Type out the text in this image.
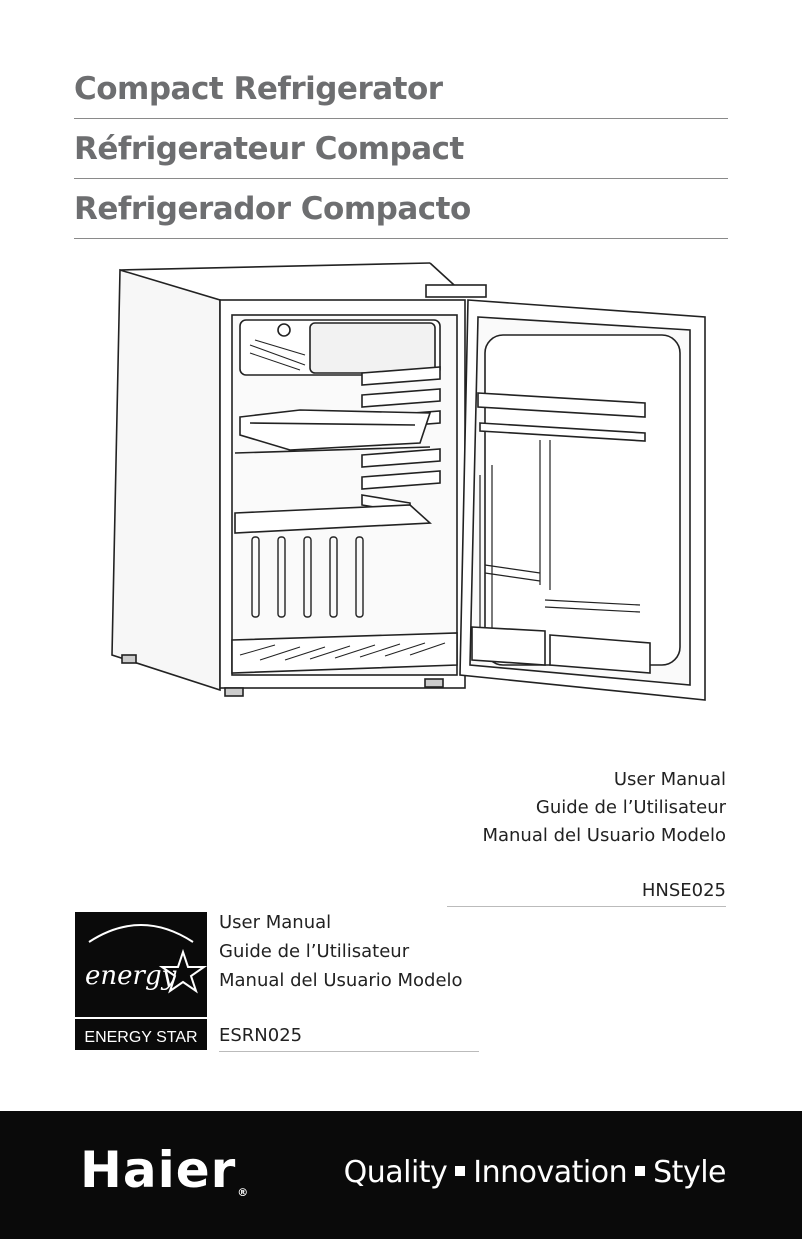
Compact Refrigerator
Réfrigerateur Compact
Refrigerador Compacto
User Manual
Guide de l’Utilisateur
Manual del Usuario Modelo
HNSE025
energy
ENERGY STAR
User Manual
Guide de l’Utilisateur
Manual del Usuario Modelo
ESRN025
Haier®
Quality Innovation Style
